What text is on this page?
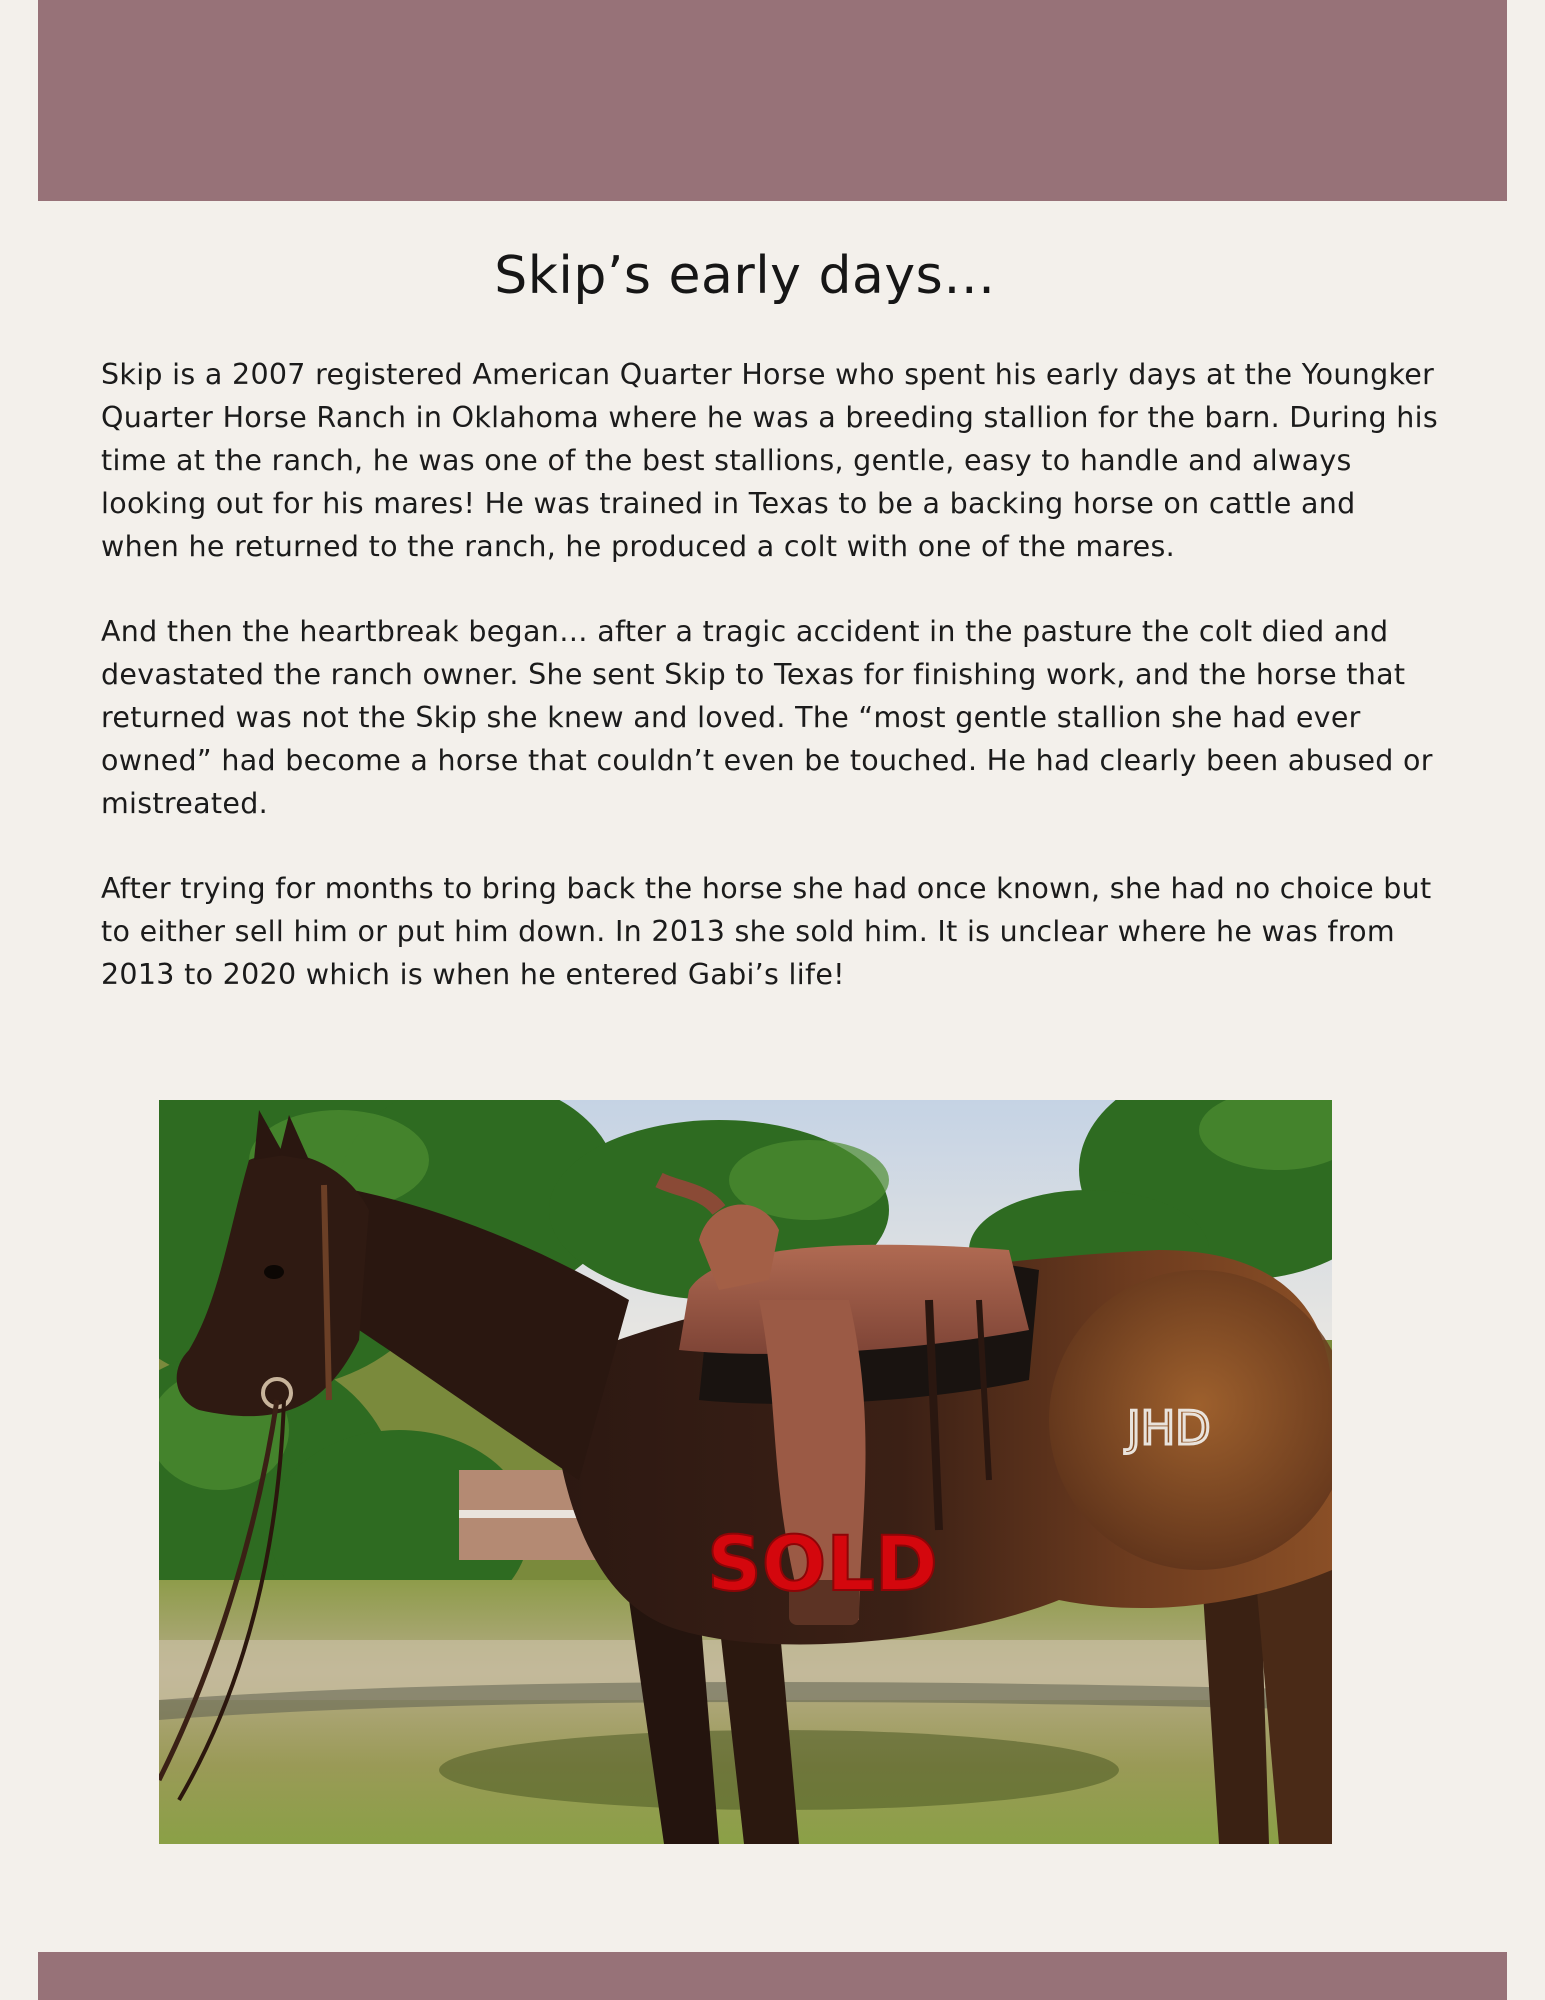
Skip’s early days…

Skip is a 2007 registered American Quarter Horse who spent his early days at the Youngker Quarter Horse Ranch in Oklahoma where he was a breeding stallion for the barn. During his time at the ranch, he was one of the best stallions, gentle, easy to handle and always looking out for his mares! He was trained in Texas to be a backing horse on cattle and when he returned to the ranch, he produced a colt with one of the mares.

And then the heartbreak began… after a tragic accident in the pasture the colt died and devastated the ranch owner. She sent Skip to Texas for finishing work, and the horse that returned was not the Skip she knew and loved. The “most gentle stallion she had ever owned” had become a horse that couldn’t even be touched. He had clearly been abused or mistreated.

After trying for months to bring back the horse she had once known, she had no choice but to either sell him or put him down. In 2013 she sold him. It is unclear where he was from 2013 to 2020 which is when he entered Gabi’s life!

SOLD
JHD
